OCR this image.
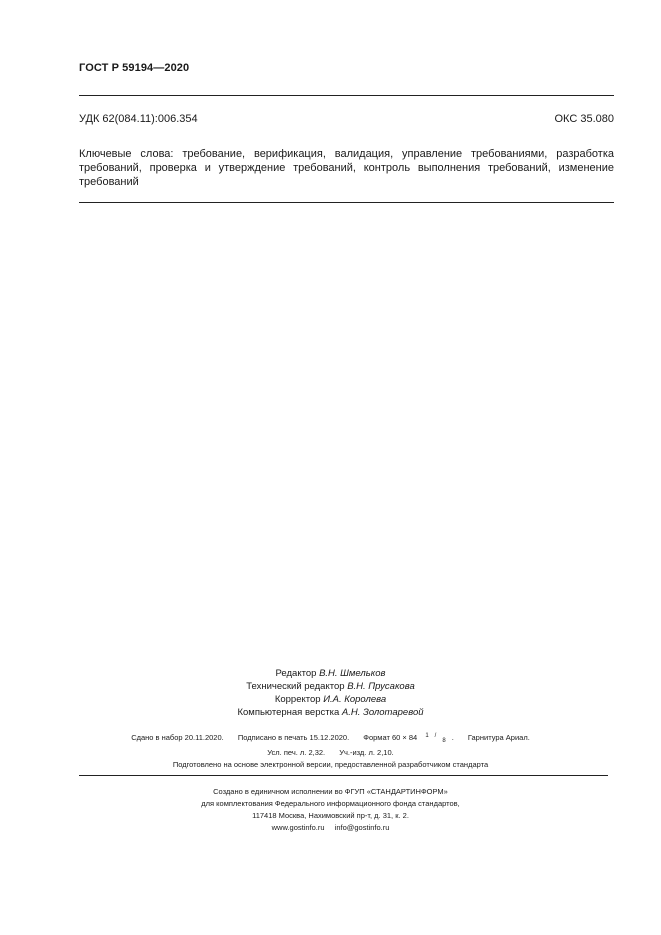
ГОСТ Р 59194—2020
УДК 62(084.11):006.354	ОКС 35.080
Ключевые слова: требование, верификация, валидация, управление требованиями, разработка требований, проверка и утверждение требований, контроль выполнения требований, изменение требований
Редактор В.Н. Шмельков
Технический редактор В.Н. Прусакова
Корректор И.А. Королева
Компьютерная верстка А.Н. Золотаревой
Сдано в набор 20.11.2020. Подписано в печать 15.12.2020. Формат 60 × 84 1 /8 . Гарнитура Ариал.
Усл. печ. л. 2,32. Уч.-изд. л. 2,10.
Подготовлено на основе электронной версии, предоставленной разработчиком стандарта
Создано в единичном исполнении во ФГУП «СТАНДАРТИНФОРМ»
для комплектования Федерального информационного фонда стандартов,
117418 Москва, Нахимовский пр-т, д. 31, к. 2.
www.gostinfo.ru info@gostinfo.ru
